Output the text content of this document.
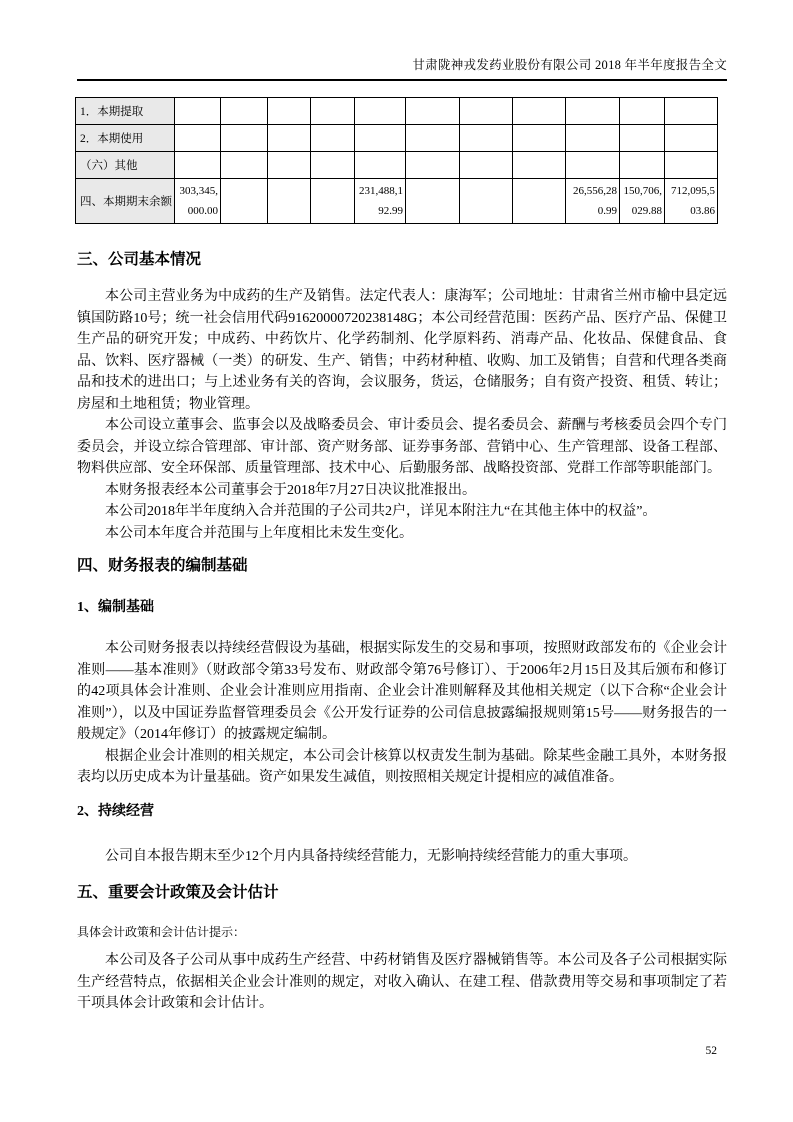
甘肃陇神戎发药业股份有限公司 2018 年半年度报告全文
1．本期提取											
2．本期使用											
（六）其他											
四、本期期末余额	303,345,000.00				231,488,192.99				26,556,280.99	150,706,029.88	712,095,503.86
三、公司基本情况

本公司主营业务为中成药的生产及销售。法定代表人：康海军；公司地址：甘肃省兰州市榆中县定远镇国防路10号；统一社会信用代码91620000720238148G；本公司经营范围：医药产品、医疗产品、保健卫生产品的研究开发；中成药、中药饮片、化学药制剂、化学原料药、消毒产品、化妆品、保健食品、食品、饮料、医疗器械（一类）的研发、生产、销售；中药材种植、收购、加工及销售；自营和代理各类商品和技术的进出口；与上述业务有关的咨询，会议服务，货运，仓储服务；自有资产投资、租赁、转让；房屋和土地租赁；物业管理。

本公司设立董事会、监事会以及战略委员会、审计委员会、提名委员会、薪酬与考核委员会四个专门委员会，并设立综合管理部、审计部、资产财务部、证券事务部、营销中心、生产管理部、设备工程部、物料供应部、安全环保部、质量管理部、技术中心、后勤服务部、战略投资部、党群工作部等职能部门。

本财务报表经本公司董事会于2018年7月27日决议批准报出。

本公司2018年半年度纳入合并范围的子公司共2户，详见本附注九“在其他主体中的权益”。

本公司本年度合并范围与上年度相比未发生变化。

四、财务报表的编制基础
1、编制基础

本公司财务报表以持续经营假设为基础，根据实际发生的交易和事项，按照财政部发布的《企业会计准则——基本准则》（财政部令第33号发布、财政部令第76号修订）、于2006年2月15日及其后颁布和修订的42项具体会计准则、企业会计准则应用指南、企业会计准则解释及其他相关规定（以下合称“企业会计准则”），以及中国证券监督管理委员会《公开发行证券的公司信息披露编报规则第15号——财务报告的一般规定》（2014年修订）的披露规定编制。

根据企业会计准则的相关规定，本公司会计核算以权责发生制为基础。除某些金融工具外，本财务报表均以历史成本为计量基础。资产如果发生减值，则按照相关规定计提相应的减值准备。

2、持续经营

公司自本报告期末至少12个月内具备持续经营能力，无影响持续经营能力的重大事项。

五、重要会计政策及会计估计

具体会计政策和会计估计提示：

本公司及各子公司从事中成药生产经营、中药材销售及医疗器械销售等。本公司及各子公司根据实际生产经营特点，依据相关企业会计准则的规定，对收入确认、在建工程、借款费用等交易和事项制定了若干项具体会计政策和会计估计。

52
